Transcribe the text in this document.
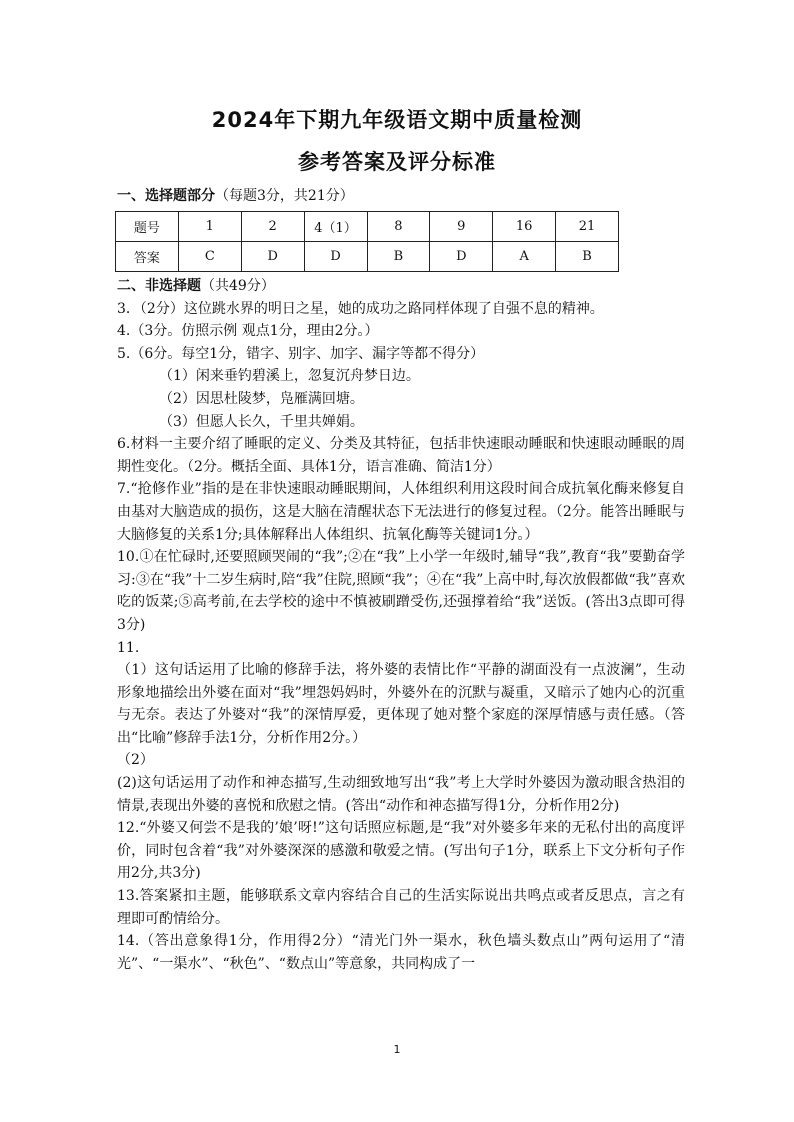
2024年下期九年级语文期中质量检测
参考答案及评分标准

一、选择题部分（每题3分，共21分）

题号	1	2	4（1）	8	9	16	21
答案	C	D	D	B	D	A	B

二、非选择题（共49分）

3．（2分）这位跳水界的明日之星，她的成功之路同样体现了自强不息的精神。

4.（3分。仿照示例 观点1分，理由2分。）

5.（6分。每空1分，错字、别字、加字、漏字等都不得分）

（1）闲来垂钓碧溪上，忽复沉舟梦日边。

（2）因思杜陵梦，凫雁满回塘。

（3）但愿人长久，千里共婵娟。

6.材料一主要介绍了睡眠的定义、分类及其特征，包括非快速眼动睡眠和快速眼动睡眠的周期性变化。（2分。概括全面、具体1分，语言准确、简洁1分）

7.“抢修作业”指的是在非快速眼动睡眠期间，人体组织利用这段时间合成抗氧化酶来修复自由基对大脑造成的损伤，这是大脑在清醒状态下无法进行的修复过程。（2分。能答出睡眠与大脑修复的关系1分;具体解释出人体组织、抗氧化酶等关键词1分。）

10.①在忙碌时,还要照顾哭闹的“我”;②在“我”上小学一年级时,辅导“我”,教育“我”要勤奋学习:③在“我”十二岁生病时,陪“我”住院,照顾“我”；④在“我”上高中时,每次放假都做“我”喜欢吃的饭菜;⑤高考前,在去学校的途中不慎被刷蹭受伤,还强撑着给“我”送饭。(答出3点即可得3分)

11.

（1）这句话运用了比喻的修辞手法，将外婆的表情比作“平静的湖面没有一点波澜”，生动形象地描绘出外婆在面对“我”埋怨妈妈时，外婆外在的沉默与凝重，又暗示了她内心的沉重与无奈。表达了外婆对“我”的深情厚爱，更体现了她对整个家庭的深厚情感与责任感。（答出“比喻”修辞手法1分，分析作用2分。）

（2）

(2)这句话运用了动作和神态描写,生动细致地写出“我”考上大学时外婆因为激动眼含热泪的情景,表现出外婆的喜悦和欣慰之情。(答出“动作和神态描写得1分，分析作用2分)

12.“外婆又何尝不是我的’娘’呀!”这句话照应标题,是“我”对外婆多年来的无私付出的高度评价，同时包含着“我”对外婆深深的感激和敬爱之情。(写出句子1分，联系上下文分析句子作用2分,共3分)

13.答案紧扣主题，能够联系文章内容结合自己的生活实际说出共鸣点或者反思点，言之有理即可酌情给分。

14.（答出意象得1分，作用得2分）“清光门外一渠水，秋色墙头数点山”两句运用了“清光”、“一渠水”、“秋色”、“数点山”等意象，共同构成了一

1
